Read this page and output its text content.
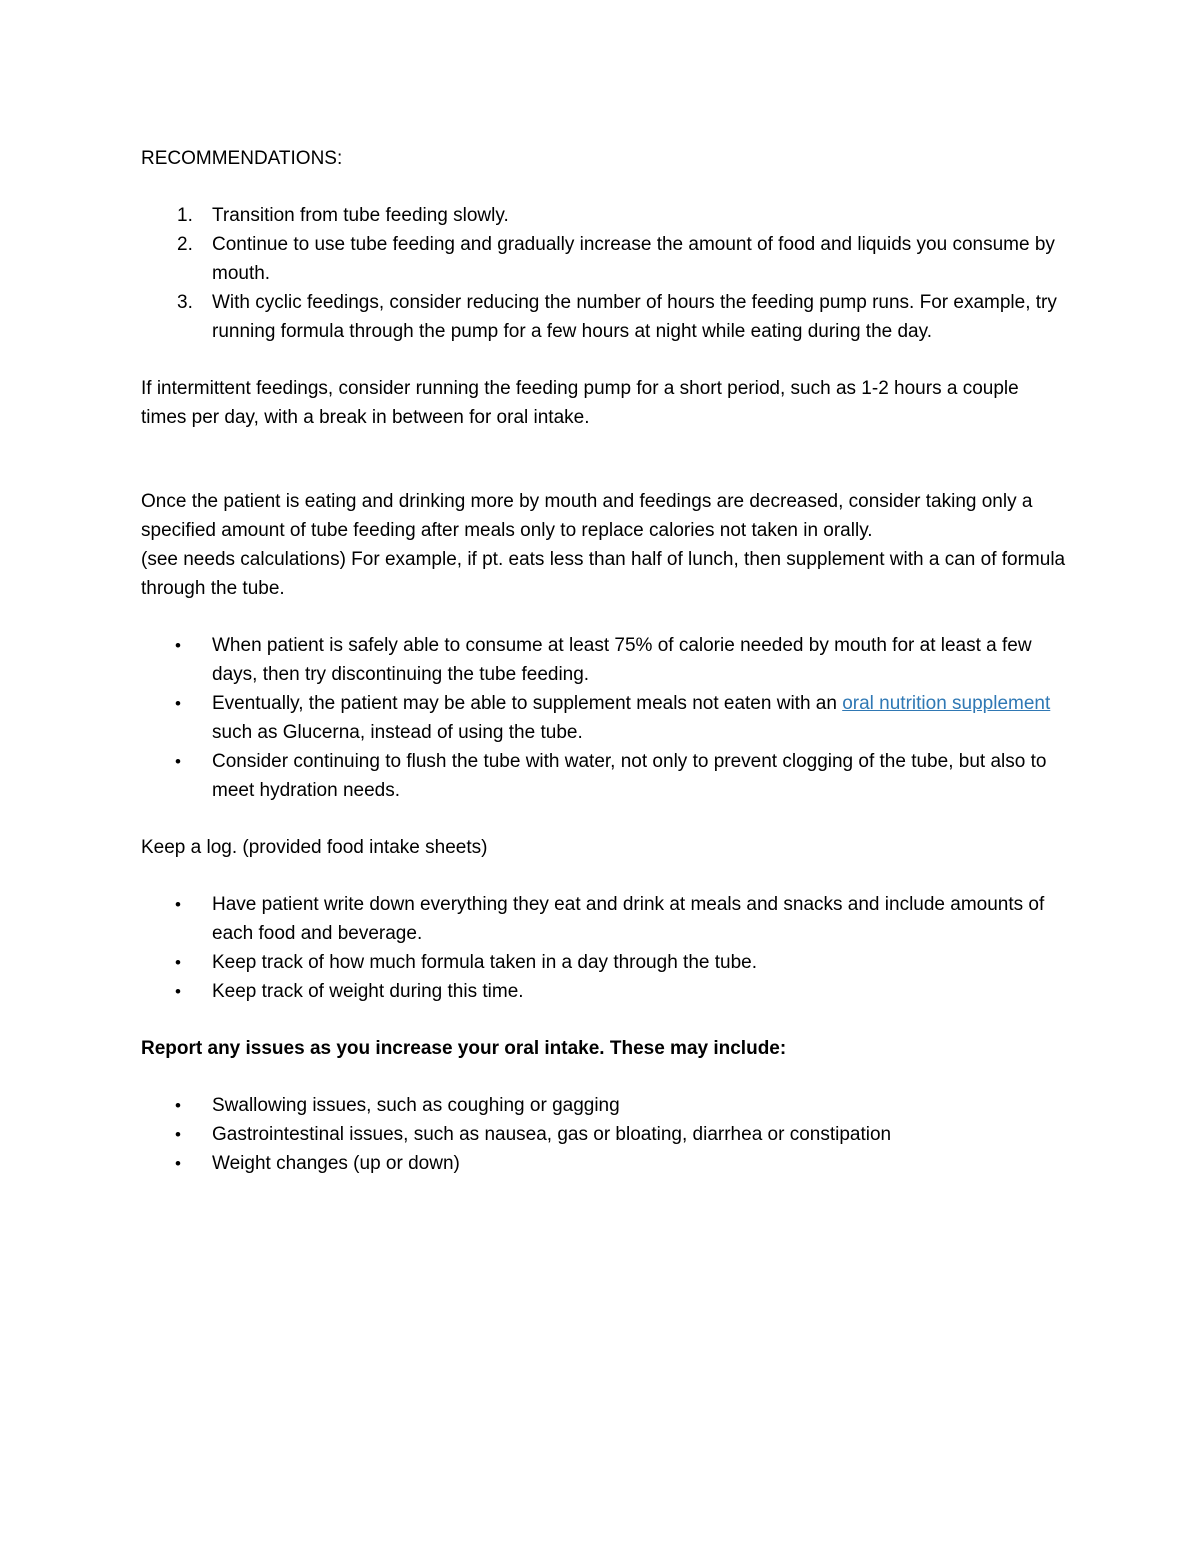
RECOMMENDATIONS:

1. Transition from tube feeding slowly.
2. Continue to use tube feeding and gradually increase the amount of food and liquids you consume by mouth.
3. With cyclic feedings, consider reducing the number of hours the feeding pump runs. For example, try running formula through the pump for a few hours at night while eating during the day.

If intermittent feedings, consider running the feeding pump for a short period, such as 1-2 hours a couple times per day, with a break in between for oral intake.

Once the patient is eating and drinking more by mouth and feedings are decreased, consider taking only a specified amount of tube feeding after meals only to replace calories not taken in orally.

(see needs calculations) For example, if pt. eats less than half of lunch, then supplement with a can of formula through the tube.

• When patient is safely able to consume at least 75% of calorie needed by mouth for at least a few days, then try discontinuing the tube feeding.
• Eventually, the patient may be able to supplement meals not eaten with an oral nutrition supplement such as Glucerna, instead of using the tube.
• Consider continuing to flush the tube with water, not only to prevent clogging of the tube, but also to meet hydration needs.

Keep a log. (provided food intake sheets)

• Have patient write down everything they eat and drink at meals and snacks and include amounts of each food and beverage.
• Keep track of how much formula taken in a day through the tube.
• Keep track of weight during this time.

Report any issues as you increase your oral intake. These may include:

• Swallowing issues, such as coughing or gagging
• Gastrointestinal issues, such as nausea, gas or bloating, diarrhea or constipation
• Weight changes (up or down)
